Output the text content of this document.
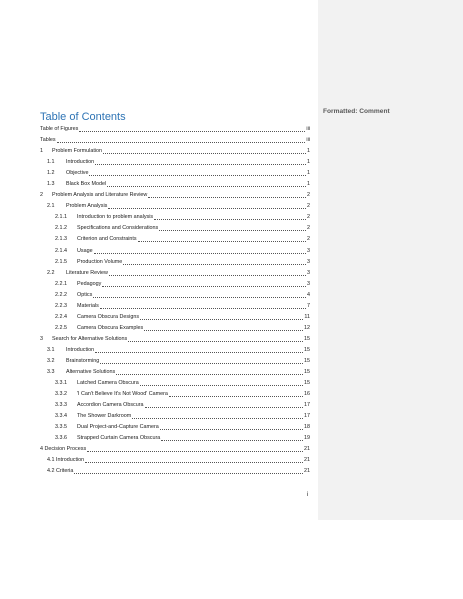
Formatted: Comment
Table of Contents
Table of Figures	iii
Tables	iii
1 Problem Formulation	1
1.1 Introduction	1
1.2 Objective	1
1.3 Black Box Model	1
2 Problem Analysis and Literature Review	2
2.1 Problem Analysis	2
2.1.1 Introduction to problem analysis	2
2.1.2 Specifications and Considerations	2
2.1.3 Criterion and Constraints	2
2.1.4 Usage	3
2.1.5 Production Volume	3
2.2 Literature Review	3
2.2.1 Pedagogy	3
2.2.2 Optics	4
2.2.3 Materials	7
2.2.4 Camera Obscura Designs	11
2.2.5 Camera Obscura Examples	12
3 Search for Alternative Solutions	15
3.1 Introduction	15
3.2 Brainstorming	15
3.3 Alternative Solutions	15
3.3.1 Latched Camera Obscura	15
3.3.2 'I Can't Believe It's Not Wood' Camera	16
3.3.3 Accordion Camera Obscura	17
3.3.4 The Shower Darkroom	17
3.3.5 Dual Project-and-Capture Camera	18
3.3.6 Strapped Curtain Camera Obscura	19
4 Decision Process	21
4.1 Introduction	21
4.2 Criteria	21
i
